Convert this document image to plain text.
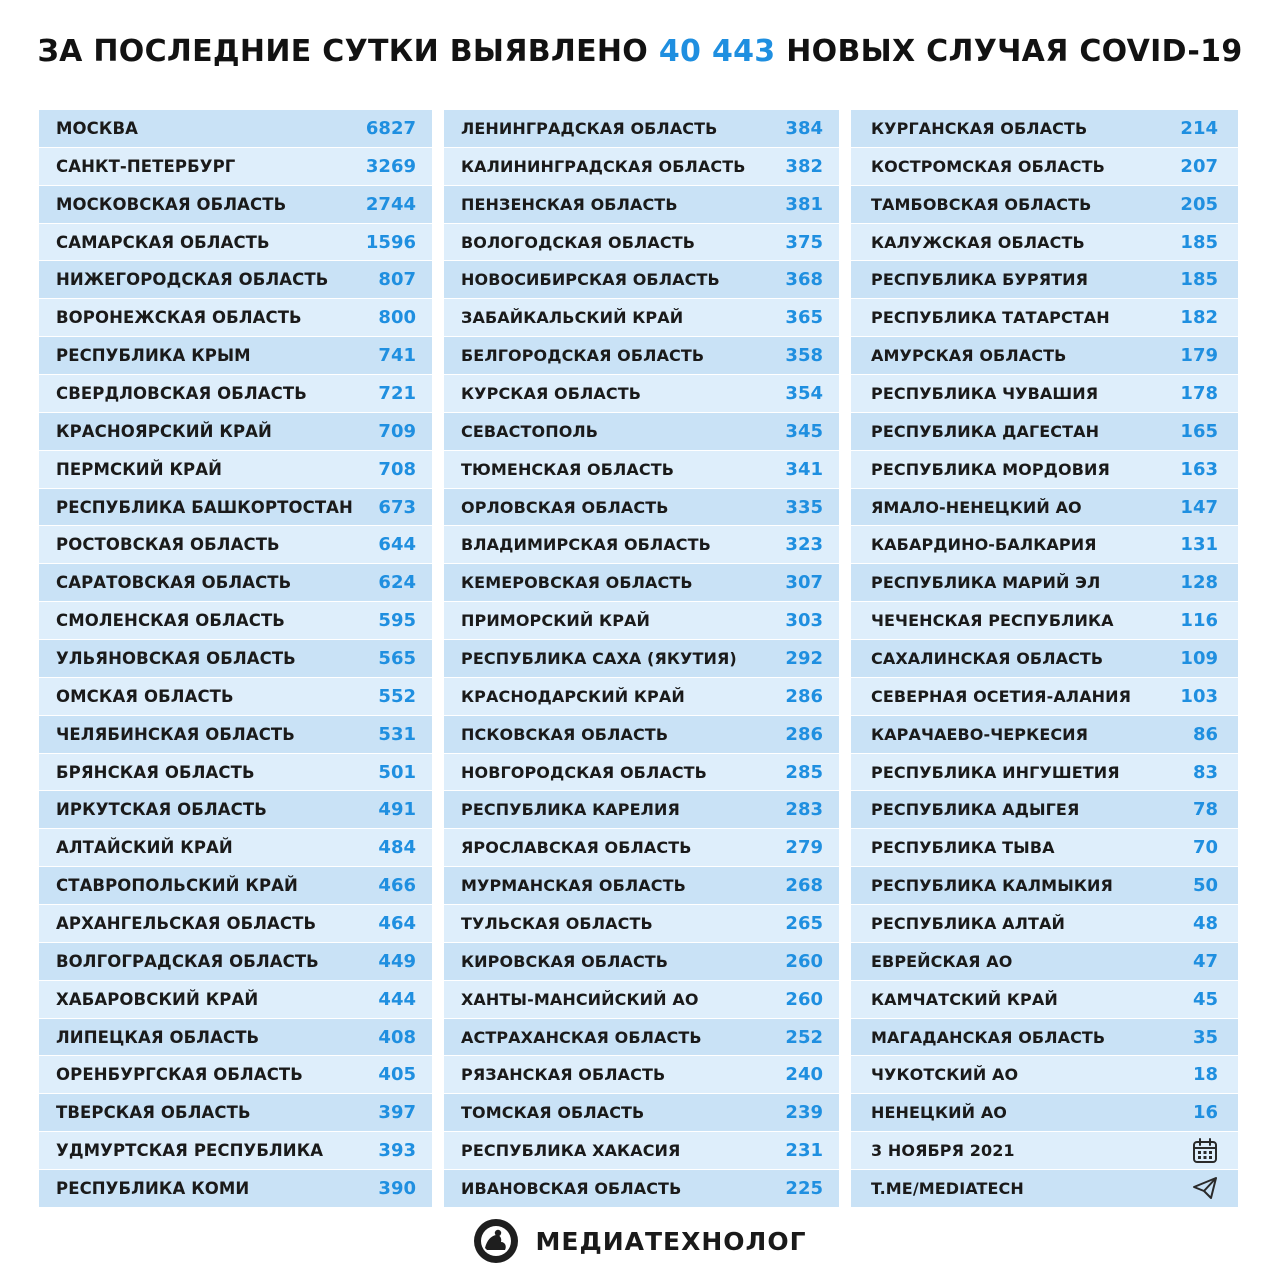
ЗА ПОСЛЕДНИЕ СУТКИ ВЫЯВЛЕНО 40 443 НОВЫХ СЛУЧАЯ COVID-19
МОСКВА	6827
САНКТ-ПЕТЕРБУРГ	3269
МОСКОВСКАЯ ОБЛАСТЬ	2744
САМАРСКАЯ ОБЛАСТЬ	1596
НИЖЕГОРОДСКАЯ ОБЛАСТЬ	807
ВОРОНЕЖСКАЯ ОБЛАСТЬ	800
РЕСПУБЛИКА КРЫМ	741
СВЕРДЛОВСКАЯ ОБЛАСТЬ	721
КРАСНОЯРСКИЙ КРАЙ	709
ПЕРМСКИЙ КРАЙ	708
РЕСПУБЛИКА БАШКОРТОСТАН 673
РОСТОВСКАЯ ОБЛАСТЬ	644
САРАТОВСКАЯ ОБЛАСТЬ	624
СМОЛЕНСКАЯ ОБЛАСТЬ	595
УЛЬЯНОВСКАЯ ОБЛАСТЬ	565
ОМСКАЯ ОБЛАСТЬ	552
ЧЕЛЯБИНСКАЯ ОБЛАСТЬ	531
БРЯНСКАЯ ОБЛАСТЬ	501
ИРКУТСКАЯ ОБЛАСТЬ	491
АЛТАЙСКИЙ КРАЙ	484
СТАВРОПОЛЬСКИЙ КРАЙ	466
АРХАНГЕЛЬСКАЯ ОБЛАСТЬ	464
ВОЛГОГРАДСКАЯ ОБЛАСТЬ	449
ХАБАРОВСКИЙ КРАЙ	444
ЛИПЕЦКАЯ ОБЛАСТЬ	408
ОРЕНБУРГСКАЯ ОБЛАСТЬ	405
ТВЕРСКАЯ ОБЛАСТЬ	397
УДМУРТСКАЯ РЕСПУБЛИКА	393
РЕСПУБЛИКА КОМИ	390
ЛЕНИНГРАДСКАЯ ОБЛАСТЬ	384
КАЛИНИНГРАДСКАЯ ОБЛАСТЬ 382
ПЕНЗЕНСКАЯ ОБЛАСТЬ	381
ВОЛОГОДСКАЯ ОБЛАСТЬ	375
НОВОСИБИРСКАЯ ОБЛАСТЬ	368
ЗАБАЙКАЛЬСКИЙ КРАЙ	365
БЕЛГОРОДСКАЯ ОБЛАСТЬ	358
КУРСКАЯ ОБЛАСТЬ	354
СЕВАСТОПОЛЬ	345
ТЮМЕНСКАЯ ОБЛАСТЬ	341
ОРЛОВСКАЯ ОБЛАСТЬ	335
ВЛАДИМИРСКАЯ ОБЛАСТЬ	323
КЕМЕРОВСКАЯ ОБЛАСТЬ	307
ПРИМОРСКИЙ КРАЙ	303
РЕСПУБЛИКА САХА (ЯКУТИЯ)	292
КРАСНОДАРСКИЙ КРАЙ	286
ПСКОВСКАЯ ОБЛАСТЬ	286
НОВГОРОДСКАЯ ОБЛАСТЬ	285
РЕСПУБЛИКА КАРЕЛИЯ	283
ЯРОСЛАВСКАЯ ОБЛАСТЬ	279
МУРМАНСКАЯ ОБЛАСТЬ	268
ТУЛЬСКАЯ ОБЛАСТЬ	265
КИРОВСКАЯ ОБЛАСТЬ	260
ХАНТЫ-МАНСИЙСКИЙ АО	260
АСТРАХАНСКАЯ ОБЛАСТЬ	252
РЯЗАНСКАЯ ОБЛАСТЬ	240
ТОМСКАЯ ОБЛАСТЬ	239
РЕСПУБЛИКА ХАКАСИЯ	231
ИВАНОВСКАЯ ОБЛАСТЬ	225
КУРГАНСКАЯ ОБЛАСТЬ	214
КОСТРОМСКАЯ ОБЛАСТЬ	207
ТАМБОВСКАЯ ОБЛАСТЬ	205
КАЛУЖСКАЯ ОБЛАСТЬ	185
РЕСПУБЛИКА БУРЯТИЯ	185
РЕСПУБЛИКА ТАТАРСТАН	182
АМУРСКАЯ ОБЛАСТЬ	179
РЕСПУБЛИКА ЧУВАШИЯ	178
РЕСПУБЛИКА ДАГЕСТАН	165
РЕСПУБЛИКА МОРДОВИЯ	163
ЯМАЛО-НЕНЕЦКИЙ АО	147
КАБАРДИНО-БАЛКАРИЯ	131
РЕСПУБЛИКА МАРИЙ ЭЛ	128
ЧЕЧЕНСКАЯ РЕСПУБЛИКА	116
САХАЛИНСКАЯ ОБЛАСТЬ	109
СЕВЕРНАЯ ОСЕТИЯ-АЛАНИЯ	103
КАРАЧАЕВО-ЧЕРКЕСИЯ	86
РЕСПУБЛИКА ИНГУШЕТИЯ	83
РЕСПУБЛИКА АДЫГЕЯ	78
РЕСПУБЛИКА ТЫВА	70
РЕСПУБЛИКА КАЛМЫКИЯ	50
РЕСПУБЛИКА АЛТАЙ	48
ЕВРЕЙСКАЯ АО	47
КАМЧАТСКИЙ КРАЙ	45
МАГАДАНСКАЯ ОБЛАСТЬ	35
ЧУКОТСКИЙ АО	18
НЕНЕЦКИЙ АО	16
3 НОЯБРЯ 2021
T.ME/MEDIATECH
МЕДИАТЕХНОЛОГ
